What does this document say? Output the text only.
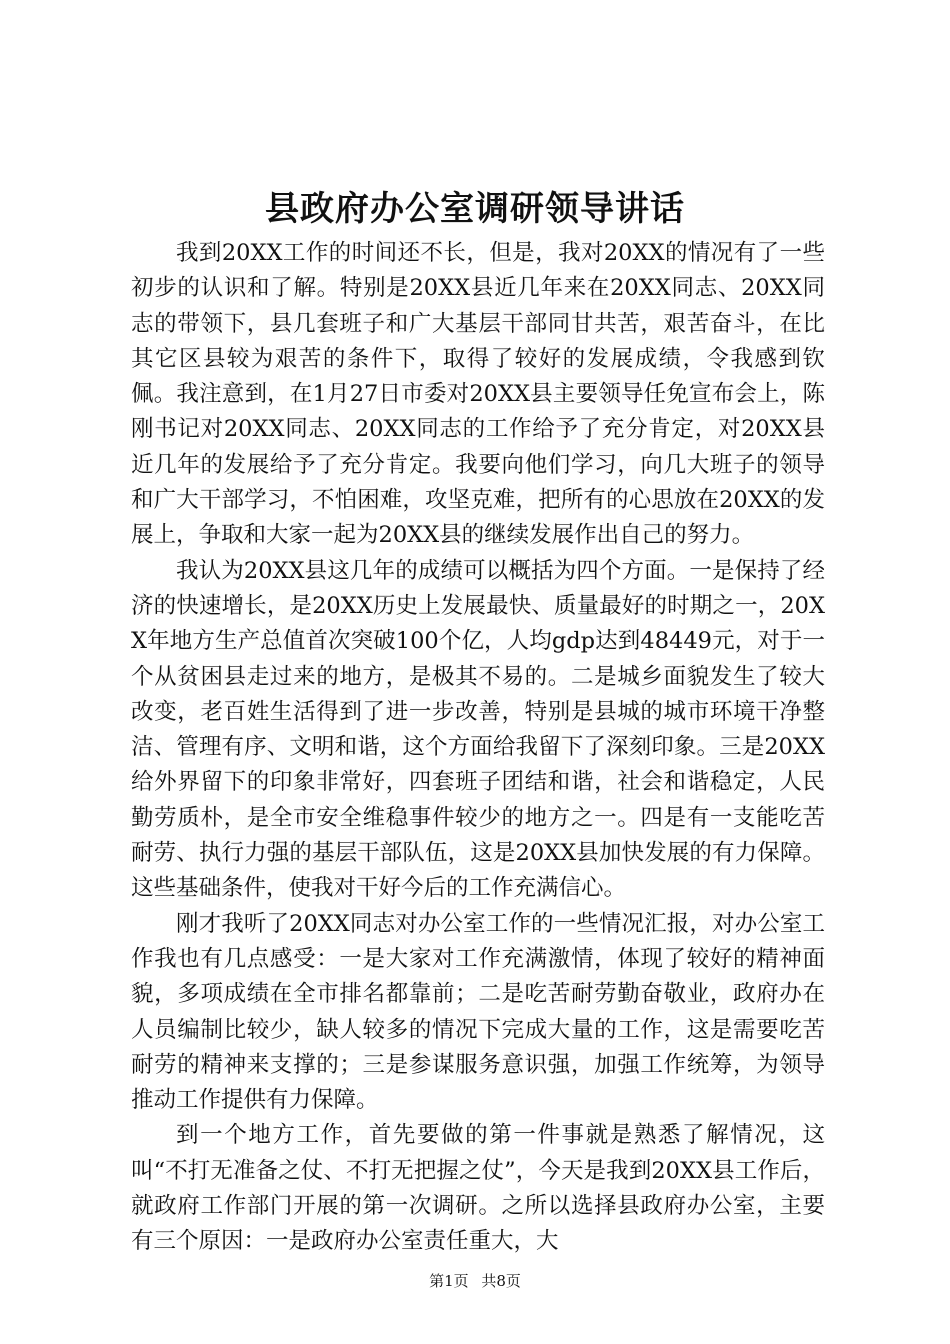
县政府办公室调研领导讲话

我到20XX工作的时间还不长，但是，我对20XX的情况有了一些初步的认识和了解。特别是20XX县近几年来在20XX同志、20XX同志的带领下，县几套班子和广大基层干部同甘共苦，艰苦奋斗，在比其它区县较为艰苦的条件下，取得了较好的发展成绩，令我感到钦佩。我注意到，在1月27日市委对20XX县主要领导任免宣布会上，陈刚书记对20XX同志、20XX同志的工作给予了充分肯定，对20XX县近几年的发展给予了充分肯定。我要向他们学习，向几大班子的领导和广大干部学习，不怕困难，攻坚克难，把所有的心思放在20XX的发展上，争取和大家一起为20XX县的继续发展作出自己的努力。

我认为20XX县这几年的成绩可以概括为四个方面。一是保持了经济的快速增长，是20XX历史上发展最快、质量最好的时期之一，20XX年地方生产总值首次突破100个亿，人均gdp达到48449元，对于一个从贫困县走过来的地方，是极其不易的。二是城乡面貌发生了较大改变，老百姓生活得到了进一步改善，特别是县城的城市环境干净整洁、管理有序、文明和谐，这个方面给我留下了深刻印象。三是20XX给外界留下的印象非常好，四套班子团结和谐，社会和谐稳定，人民勤劳质朴，是全市安全维稳事件较少的地方之一。四是有一支能吃苦耐劳、执行力强的基层干部队伍，这是20XX县加快发展的有力保障。这些基础条件，使我对干好今后的工作充满信心。

刚才我听了20XX同志对办公室工作的一些情况汇报，对办公室工作我也有几点感受：一是大家对工作充满激情，体现了较好的精神面貌，多项成绩在全市排名都靠前；二是吃苦耐劳勤奋敬业，政府办在人员编制比较少，缺人较多的情况下完成大量的工作，这是需要吃苦耐劳的精神来支撑的；三是参谋服务意识强，加强工作统筹，为领导推动工作提供有力保障。

到一个地方工作，首先要做的第一件事就是熟悉了解情况，这叫“不打无准备之仗、不打无把握之仗”，今天是我到20XX县工作后，就政府工作部门开展的第一次调研。之所以选择县政府办公室，主要有三个原因：一是政府办公室责任重大，大

第1页 共8页
